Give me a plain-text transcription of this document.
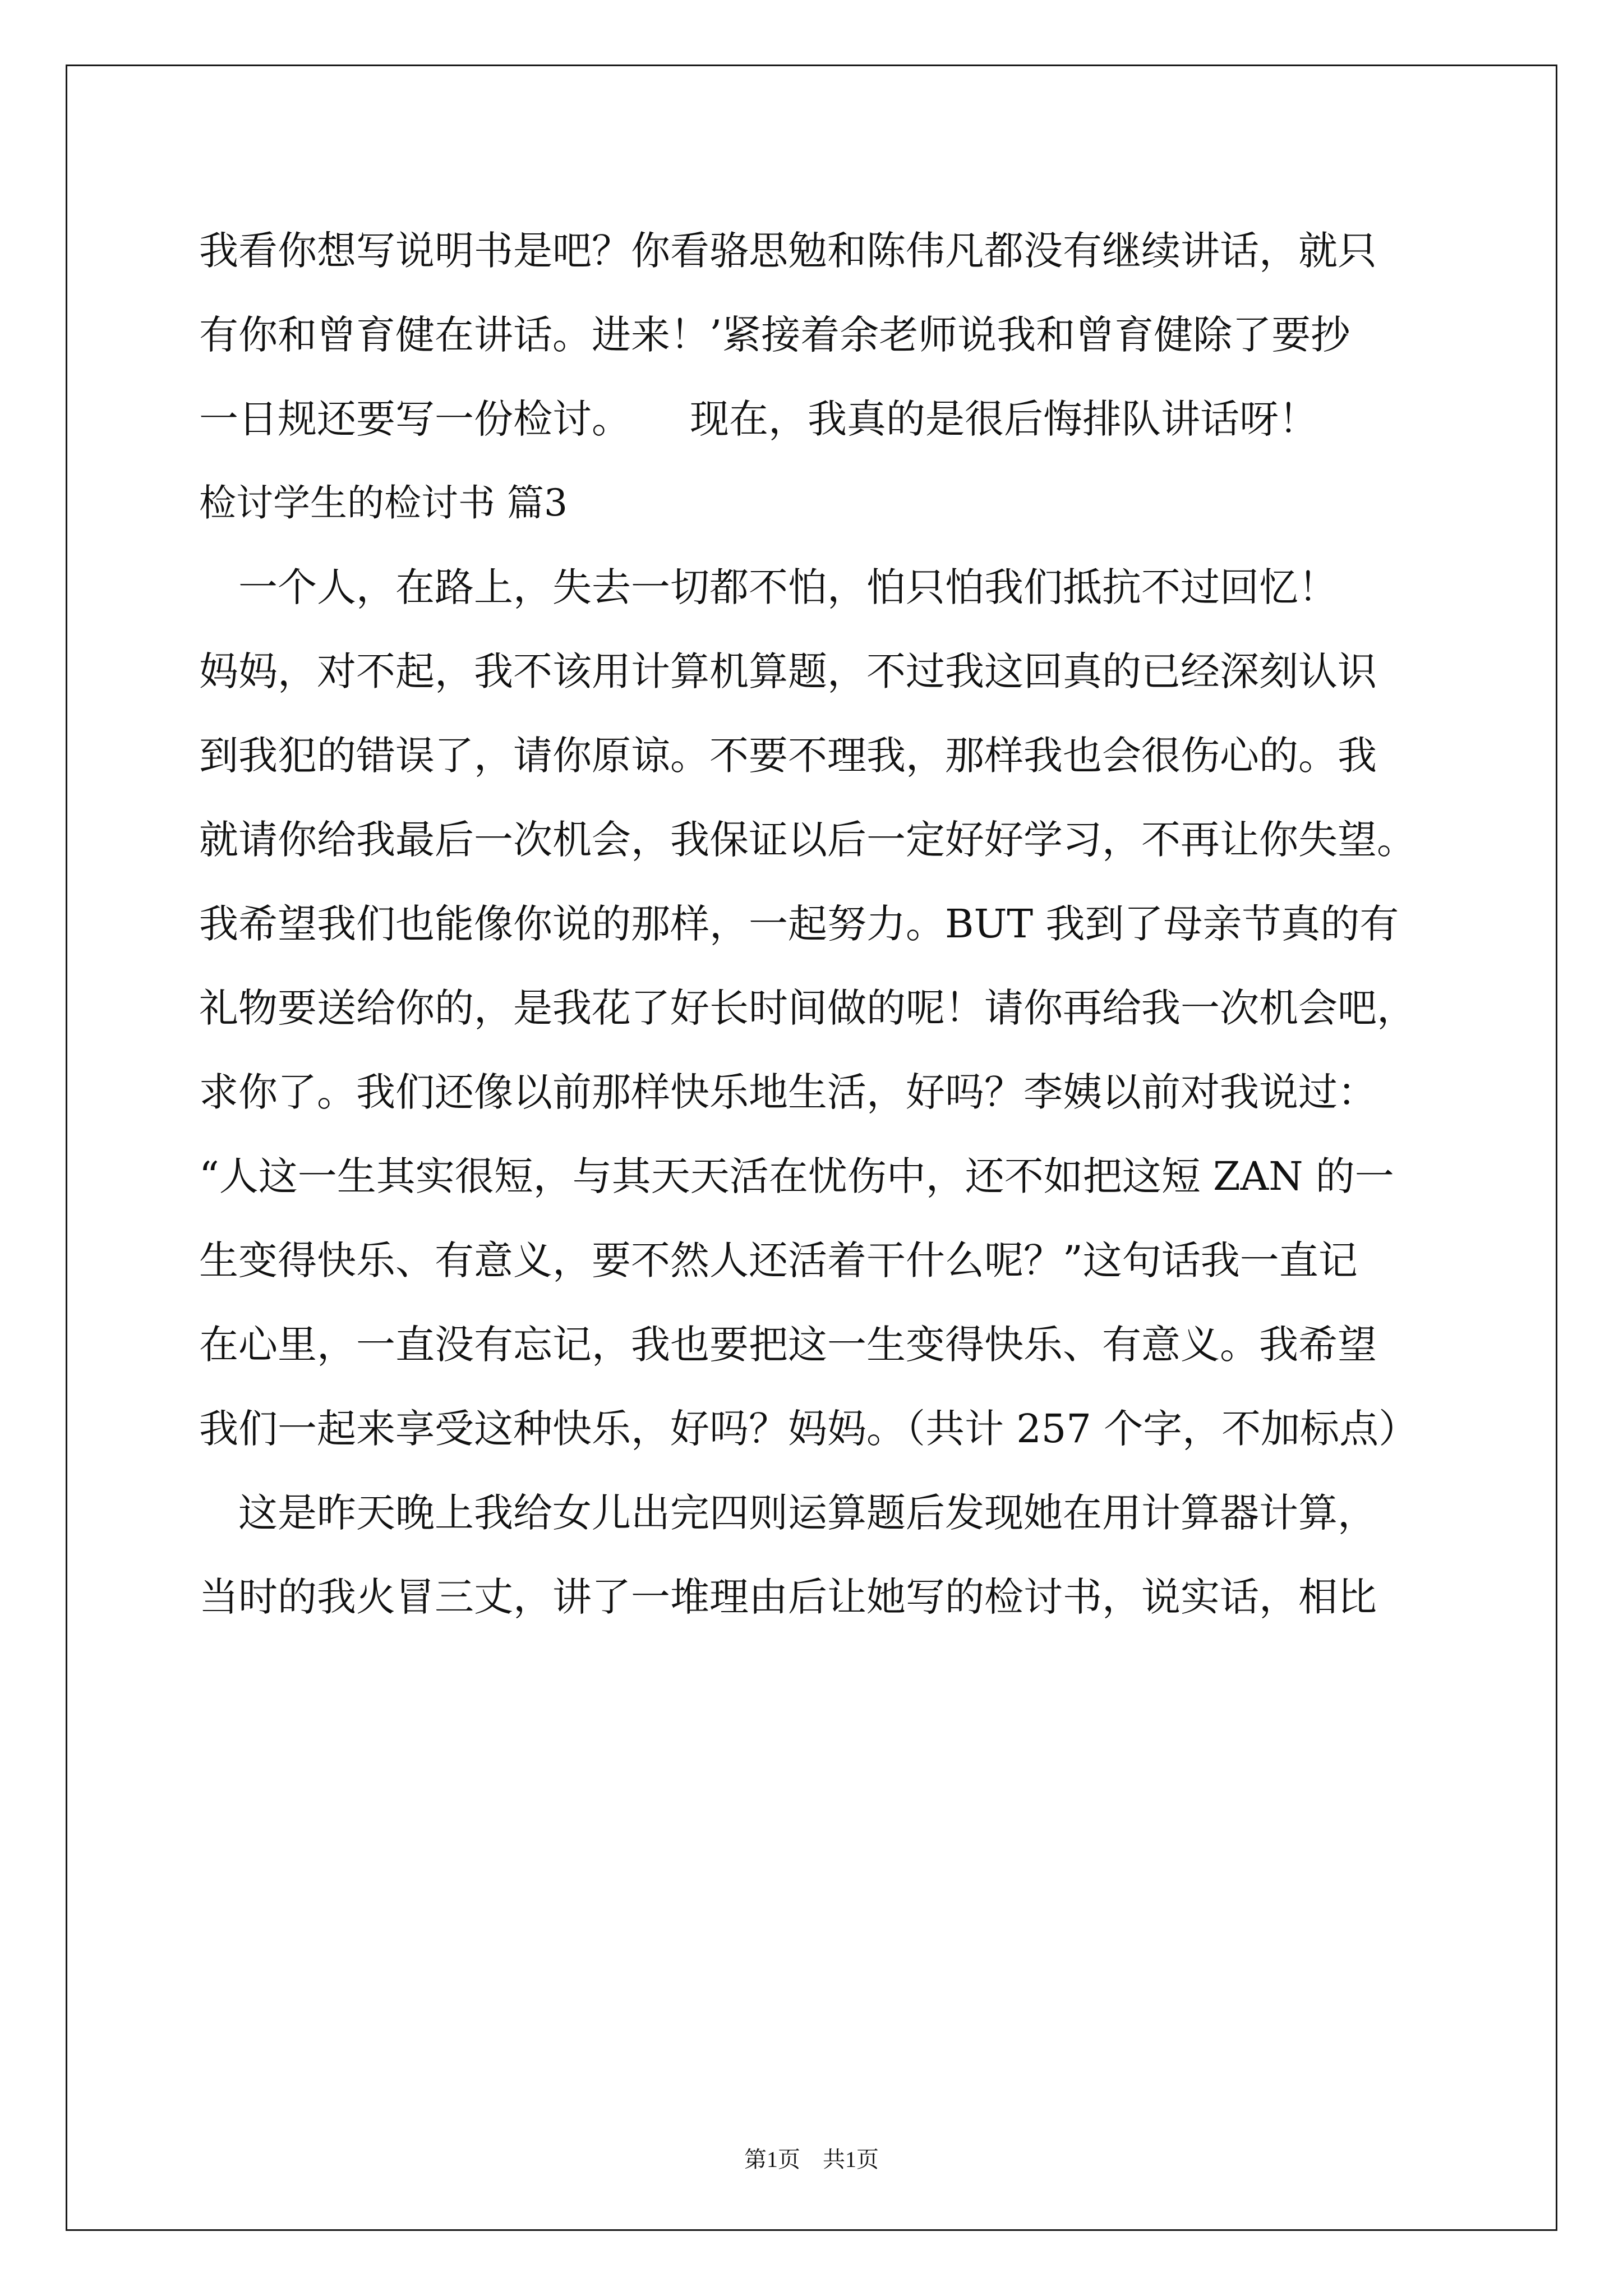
我看你想写说明书是吧？你看骆思勉和陈伟凡都没有继续讲话，就只
有你和曾育健在讲话。进来！’紧接着余老师说我和曾育健除了要抄
一日规还要写一份检讨。　　现在，我真的是很后悔排队讲话呀！
检讨学生的检讨书 篇3
　一个人，在路上，失去一切都不怕，怕只怕我们抵抗不过回忆！
妈妈，对不起，我不该用计算机算题，不过我这回真的已经深刻认识
到我犯的错误了，请你原谅。不要不理我，那样我也会很伤心的。我
就请你给我最后一次机会，我保证以后一定好好学习，不再让你失望。
我希望我们也能像你说的那样，一起努力。BUT 我到了母亲节真的有
礼物要送给你的，是我花了好长时间做的呢！请你再给我一次机会吧，
求你了。我们还像以前那样快乐地生活，好吗？李姨以前对我说过：
“人这一生其实很短，与其天天活在忧伤中，还不如把这短 ZAN 的一
生变得快乐、有意义，要不然人还活着干什么呢？”这句话我一直记
在心里，一直没有忘记，我也要把这一生变得快乐、有意义。我希望
我们一起来享受这种快乐，好吗？妈妈。（共计 257 个字，不加标点）
　这是昨天晚上我给女儿出完四则运算题后发现她在用计算器计算，
当时的我火冒三丈，讲了一堆理由后让她写的检讨书，说实话，相比
第1页　共1页
